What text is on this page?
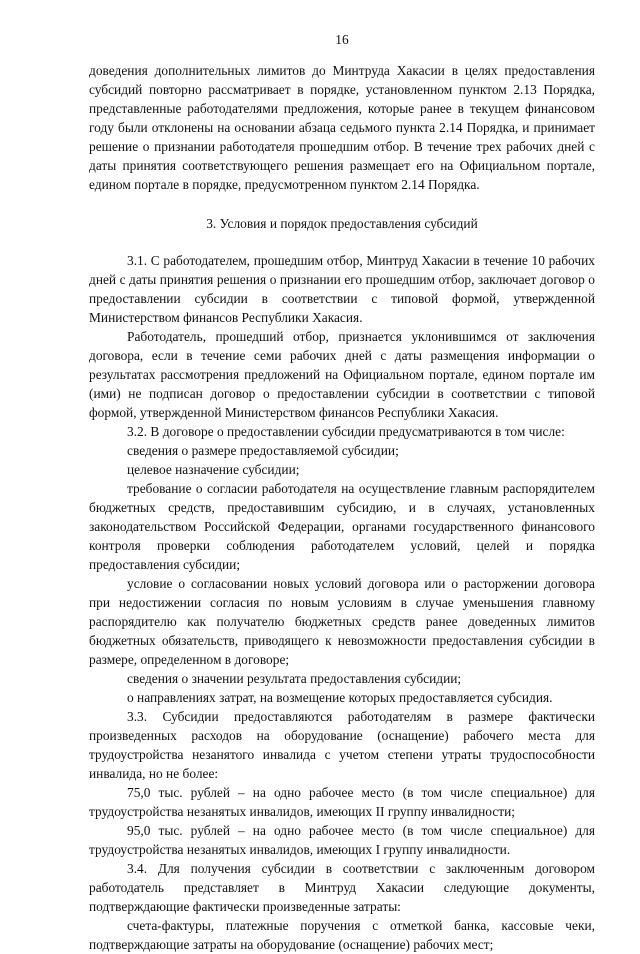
16

доведения дополнительных лимитов до Минтруда Хакасии в целях предоставления субсидий повторно рассматривает в порядке, установленном пунктом 2.13 Порядка, представленные работодателями предложения, которые ранее в текущем финансовом году были отклонены на основании абзаца седьмого пункта 2.14 Порядка, и принимает решение о признании работодателя прошедшим отбор. В течение трех рабочих дней с даты принятия соответствующего решения размещает его на Официальном портале, едином портале в порядке, предусмотренном пунктом 2.14 Порядка.

3. Условия и порядок предоставления субсидий

3.1. С работодателем, прошедшим отбор, Минтруд Хакасии в течение 10 рабочих дней с даты принятия решения о признании его прошедшим отбор, заключает договор о предоставлении субсидии в соответствии с типовой формой, утвержденной Министерством финансов Республики Хакасия.

Работодатель, прошедший отбор, признается уклонившимся от заключения договора, если в течение семи рабочих дней с даты размещения информации о результатах рассмотрения предложений на Официальном портале, едином портале им (ими) не подписан договор о предоставлении субсидии в соответствии с типовой формой, утвержденной Министерством финансов Республики Хакасия.

3.2. В договоре о предоставлении субсидии предусматриваются в том числе:

сведения о размере предоставляемой субсидии;

целевое назначение субсидии;

требование о согласии работодателя на осуществление главным распорядителем бюджетных средств, предоставившим субсидию, и в случаях, установленных законодательством Российской Федерации, органами государственного финансового контроля проверки соблюдения работодателем условий, целей и порядка предоставления субсидии;

условие о согласовании новых условий договора или о расторжении договора при недостижении согласия по новым условиям в случае уменьшения главному распорядителю как получателю бюджетных средств ранее доведенных лимитов бюджетных обязательств, приводящего к невозможности предоставления субсидии в размере, определенном в договоре;

сведения о значении результата предоставления субсидии;

о направлениях затрат, на возмещение которых предоставляется субсидия.

3.3. Субсидии предоставляются работодателям в размере фактически произведенных расходов на оборудование (оснащение) рабочего места для трудоустройства незанятого инвалида с учетом степени утраты трудоспособности инвалида, но не более:

75,0 тыс. рублей – на одно рабочее место (в том числе специальное) для трудоустройства незанятых инвалидов, имеющих II группу инвалидности;

95,0 тыс. рублей – на одно рабочее место (в том числе специальное) для трудоустройства незанятых инвалидов, имеющих I группу инвалидности.

3.4. Для получения субсидии в соответствии с заключенным договором работодатель представляет в Минтруд Хакасии следующие документы, подтверждающие фактически произведенные затраты:

счета-фактуры, платежные поручения с отметкой банка, кассовые чеки, подтверждающие затраты на оборудование (оснащение) рабочих мест;
